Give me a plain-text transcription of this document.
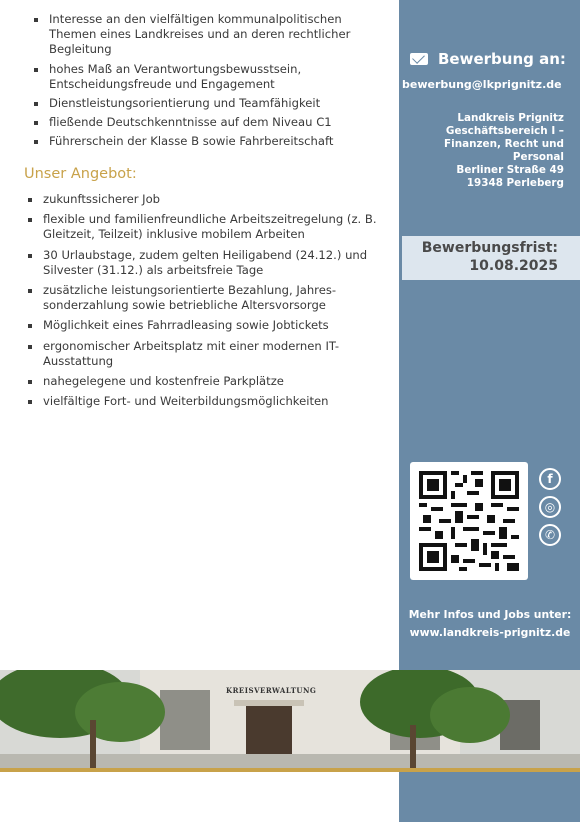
Interesse an den vielfältigen kommunalpolitischen Themen eines Landkreises und an deren rechtlicher Begleitung
hohes Maß an Verantwortungsbewusstsein, Entscheidungsfreude und Engagement
Dienstleistungsorientierung und Teamfähigkeit
fließende Deutschkenntnisse auf dem Niveau C1
Führerschein der Klasse B sowie Fahrbereitschaft
Unser Angebot:
zukunftssicherer Job
flexible und familienfreundliche Arbeitszeitregelung (z. B. Gleitzeit, Teilzeit) inklusive mobilem Arbeiten
30 Urlaubstage, zudem gelten Heiligabend (24.12.) und Silvester (31.12.) als arbeitsfreie Tage
zusätzliche leistungsorientierte Bezahlung, Jahres-sonderzahlung sowie betriebliche Altersvorsorge
Möglichkeit eines Fahrradleasing sowie Jobtickets
ergonomischer Arbeitsplatz mit einer modernen IT-Ausstattung
nahegelegene und kostenfreie Parkplätze
vielfältige Fort- und Weiterbildungsmöglichkeiten
Bewerbung an:
bewerbung@lkprignitz.de
Landkreis Prignitz
Geschäftsbereich I –
Finanzen, Recht und
Personal
Berliner Straße 49
19348 Perleberg
Bewerbungsfrist:
10.08.2025
f
◎
✆
Mehr Infos und Jobs unter:
www.landkreis-prignitz.de
KREISVERWALTUNG
